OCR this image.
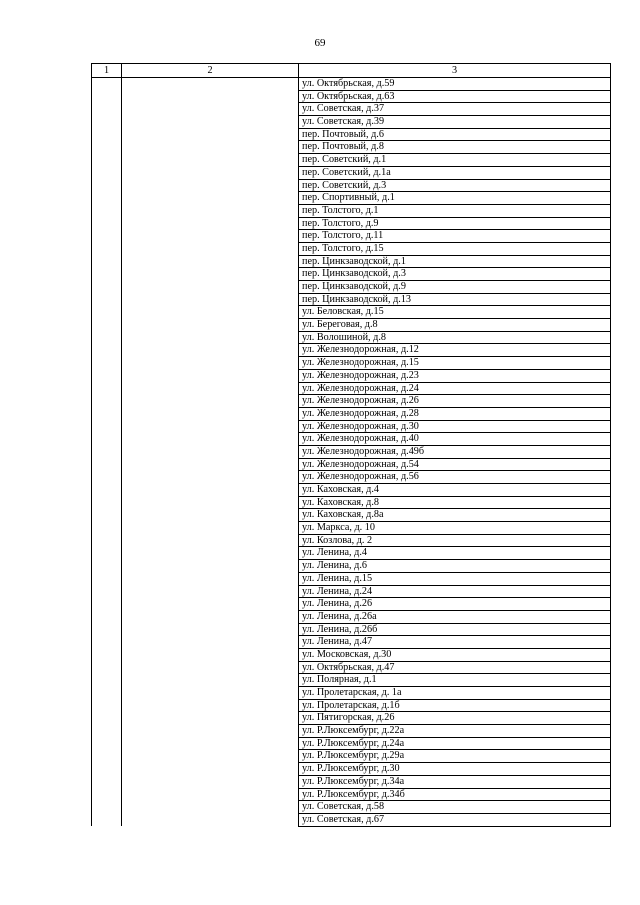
69
1	2	3
		ул. Октябрьская, д.59
		ул. Октябрьская, д.63
		ул. Советская, д.37
		ул. Советская, д.39
		пер. Почтовый, д.6
		пер. Почтовый, д.8
		пер. Советский, д.1
		пер. Советский, д.1а
		пер. Советский, д.3
		пер. Спортивный, д.1
		пер. Толстого, д.1
		пер. Толстого, д.9
		пер. Толстого, д.11
		пер. Толстого, д.15
		пер. Цинкзаводской, д.1
		пер. Цинкзаводской, д.3
		пер. Цинкзаводской, д.9
		пер. Цинкзаводской, д.13
		ул. Беловская, д.15
		ул. Береговая, д.8
		ул. Волошиной, д.8
		ул. Железнодорожная, д.12
		ул. Железнодорожная, д.15
		ул. Железнодорожная, д.23
		ул. Железнодорожная, д.24
		ул. Железнодорожная, д.26
		ул. Железнодорожная, д.28
		ул. Железнодорожная, д.30
		ул. Железнодорожная, д.40
		ул. Железнодорожная, д.49б
		ул. Железнодорожная, д.54
		ул. Железнодорожная, д.56
		ул. Каховская, д.4
		ул. Каховская, д.8
		ул. Каховская, д.8а
		ул. Маркса, д. 10
		ул. Козлова, д. 2
		ул. Ленина, д.4
		ул. Ленина, д.6
		ул. Ленина, д.15
		ул. Ленина, д.24
		ул. Ленина, д.26
		ул. Ленина, д.26а
		ул. Ленина, д.26б
		ул. Ленина, д.47
		ул. Московская, д.30
		ул. Октябрьская, д.47
		ул. Полярная, д.1
		ул. Пролетарская, д. 1а
		ул. Пролетарская, д.1б
		ул. Пятигорская, д.26
		ул. Р.Люксембург, д.22а
		ул. Р.Люксембург, д.24а
		ул. Р.Люксембург, д.29а
		ул. Р.Люксембург, д.30
		ул. Р.Люксембург, д.34а
		ул. Р.Люксембург, д.34б
		ул. Советская, д.58
		ул. Советская, д.67
